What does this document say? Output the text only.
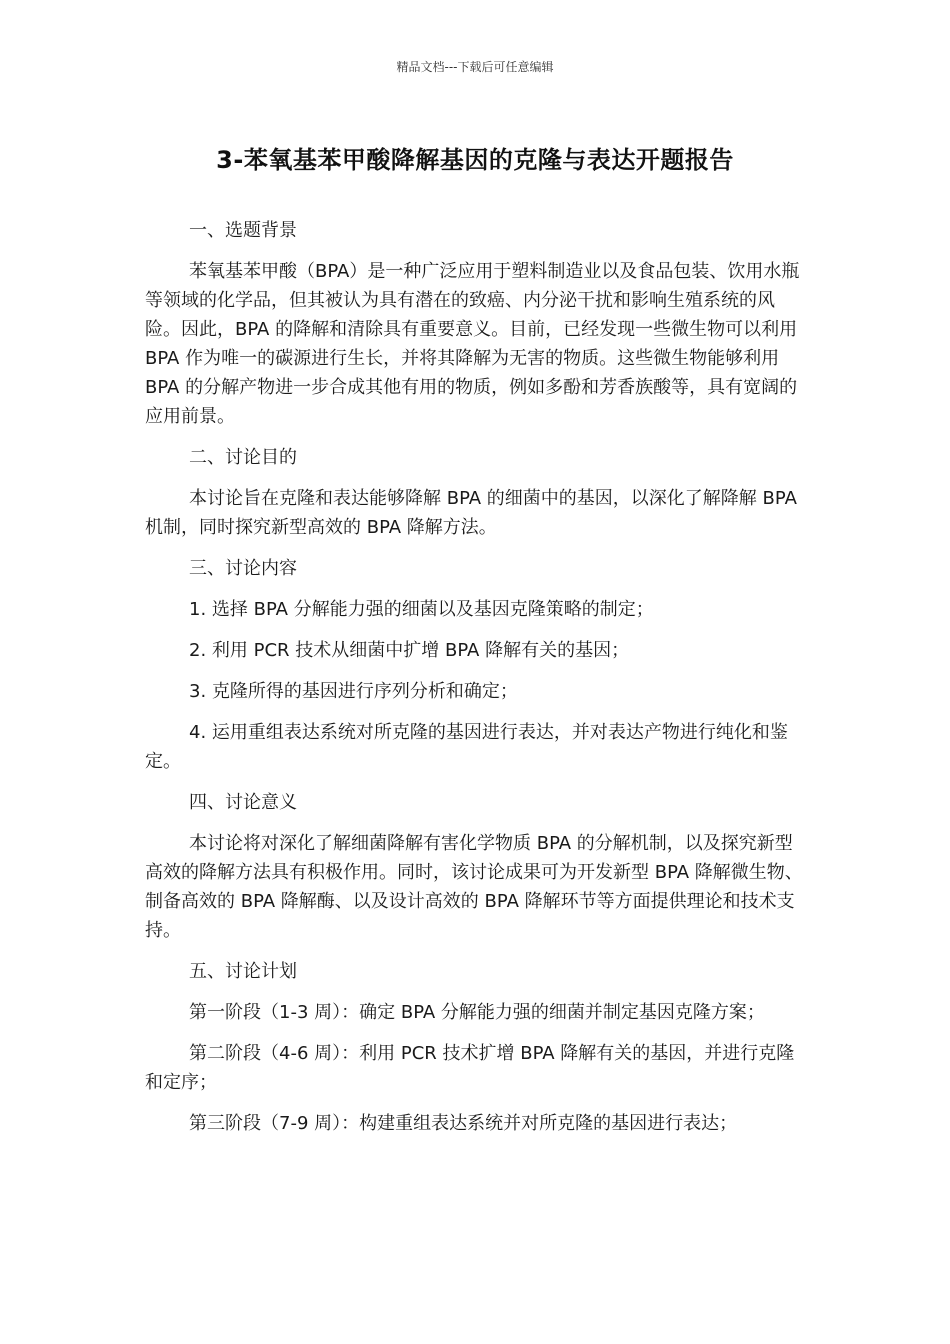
精品文档---下载后可任意编辑
3-苯氧基苯甲酸降解基因的克隆与表达开题报告

一、选题背景

苯氧基苯甲酸（BPA）是一种广泛应用于塑料制造业以及食品包装、饮用水瓶等领域的化学品，但其被认为具有潜在的致癌、内分泌干扰和影响生殖系统的风险。因此，BPA 的降解和清除具有重要意义。目前，已经发现一些微生物可以利用 BPA 作为唯一的碳源进行生长，并将其降解为无害的物质。这些微生物能够利用 BPA 的分解产物进一步合成其他有用的物质，例如多酚和芳香族酸等，具有宽阔的应用前景。

二、讨论目的

本讨论旨在克隆和表达能够降解 BPA 的细菌中的基因，以深化了解降解 BPA 机制，同时探究新型高效的 BPA 降解方法。

三、讨论内容

1. 选择 BPA 分解能力强的细菌以及基因克隆策略的制定；

2. 利用 PCR 技术从细菌中扩增 BPA 降解有关的基因；

3. 克隆所得的基因进行序列分析和确定；

4. 运用重组表达系统对所克隆的基因进行表达，并对表达产物进行纯化和鉴定。

四、讨论意义

本讨论将对深化了解细菌降解有害化学物质 BPA 的分解机制，以及探究新型高效的降解方法具有积极作用。同时，该讨论成果可为开发新型 BPA 降解微生物、制备高效的 BPA 降解酶、以及设计高效的 BPA 降解环节等方面提供理论和技术支持。

五、讨论计划

第一阶段（1-3 周）：确定 BPA 分解能力强的细菌并制定基因克隆方案；

第二阶段（4-6 周）：利用 PCR 技术扩增 BPA 降解有关的基因，并进行克隆和定序；

第三阶段（7-9 周）：构建重组表达系统并对所克隆的基因进行表达；
